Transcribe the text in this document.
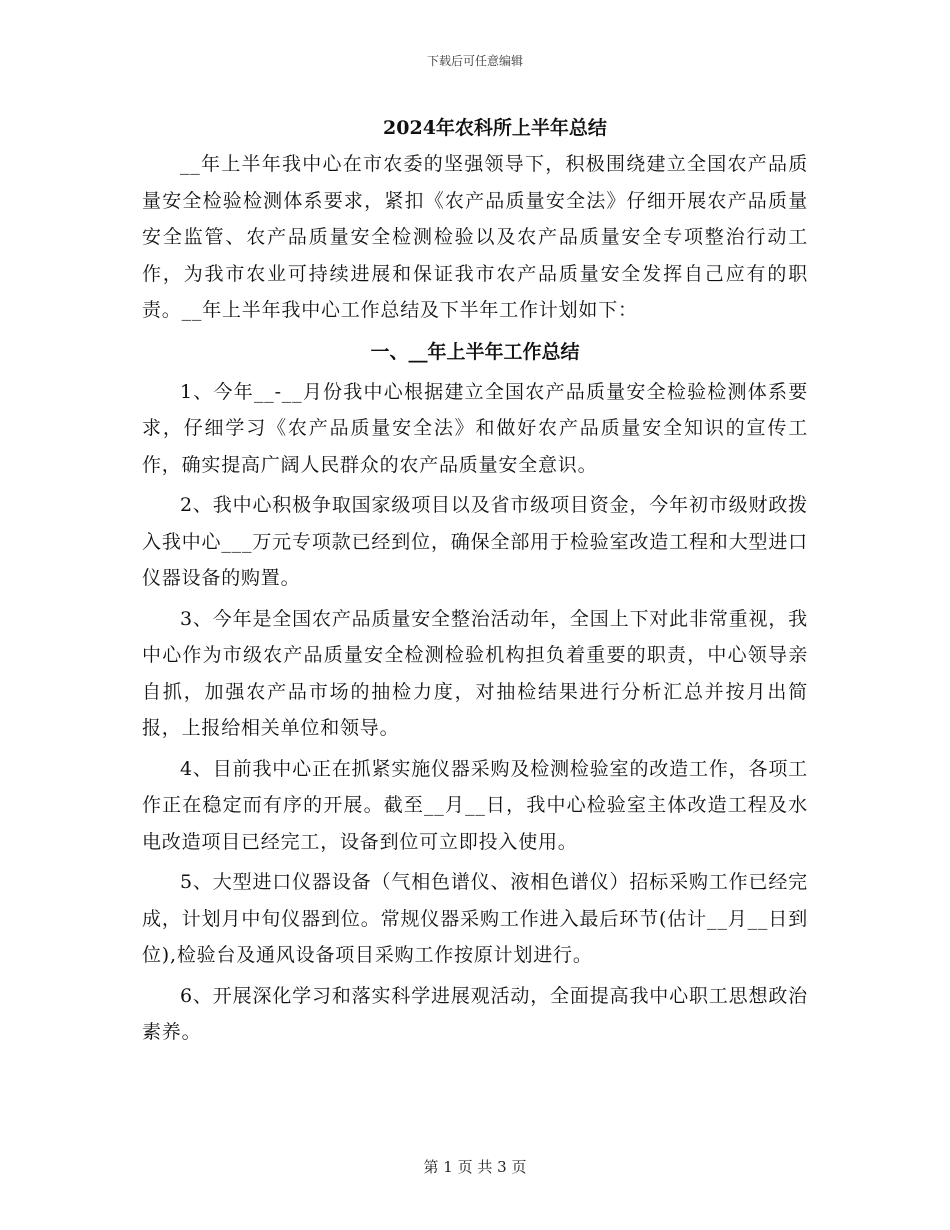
下载后可任意编辑
2024年农科所上半年总结

__年上半年我中心在市农委的坚强领导下，积极围绕建立全国农产品质量安全检验检测体系要求，紧扣《农产品质量安全法》仔细开展农产品质量安全监管、农产品质量安全检测检验以及农产品质量安全专项整治行动工作，为我市农业可持续进展和保证我市农产品质量安全发挥自己应有的职责。__年上半年我中心工作总结及下半年工作计划如下：

一、__年上半年工作总结

1、今年__-__月份我中心根据建立全国农产品质量安全检验检测体系要求，仔细学习《农产品质量安全法》和做好农产品质量安全知识的宣传工作，确实提高广阔人民群众的农产品质量安全意识。

2、我中心积极争取国家级项目以及省市级项目资金，今年初市级财政拨入我中心___万元专项款已经到位，确保全部用于检验室改造工程和大型进口仪器设备的购置。

3、今年是全国农产品质量安全整治活动年，全国上下对此非常重视，我中心作为市级农产品质量安全检测检验机构担负着重要的职责，中心领导亲自抓，加强农产品市场的抽检力度，对抽检结果进行分析汇总并按月出简报，上报给相关单位和领导。

4、目前我中心正在抓紧实施仪器采购及检测检验室的改造工作，各项工作正在稳定而有序的开展。截至__月__日，我中心检验室主体改造工程及水电改造项目已经完工，设备到位可立即投入使用。

5、大型进口仪器设备（气相色谱仪、液相色谱仪）招标采购工作已经完成，计划月中旬仪器到位。常规仪器采购工作进入最后环节(估计__月__日到位),检验台及通风设备项目采购工作按原计划进行。

6、开展深化学习和落实科学进展观活动，全面提高我中心职工思想政治素养。

第 1 页 共 3 页
